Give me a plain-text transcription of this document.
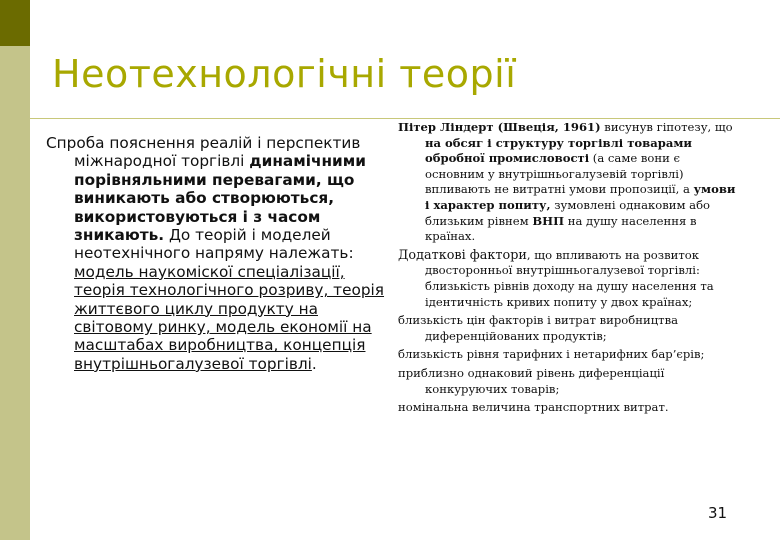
Неотехнологічні теорії
Спроба пояснення реалій і перспектив міжнародної торгівлі динамічними порівняльними перевагами, що виникають або створюються, використовуються і з часом зникають. До теорій і моделей неотехнічного напряму належать: модель наукоміскої спеціалізації, теорія технологічного розриву, теорія життєвого циклу продукту на світовому ринку, модель економії на масштабах виробництва, концепція внутрішньогалузевої торгівлі.
Пітер Ліндерт (Швеція, 1961) висунув гіпотезу, що на обсяг і структуру торгівлі товарами обробної промисловості (а саме вони є основним у внутрішньогалузевій торгівлі) впливають не витратні умови пропозиції, а умови і характер попиту, зумовлені однаковим або близьким рівнем ВНП на душу населення в країнах.
Додаткові фактори, що впливають на розвиток двосторонньої внутрішньогалузевої торгівлі: близькість рівнів доходу на душу населення та ідентичність кривих попиту у двох країнах;
близькість цін факторів і витрат виробництва диференційованих продуктів;
близькість рівня тарифних і нетарифних бар’єрів;
приблизно однаковий рівень диференціації конкуруючих товарів;
номінальна величина транспортних витрат.
31
